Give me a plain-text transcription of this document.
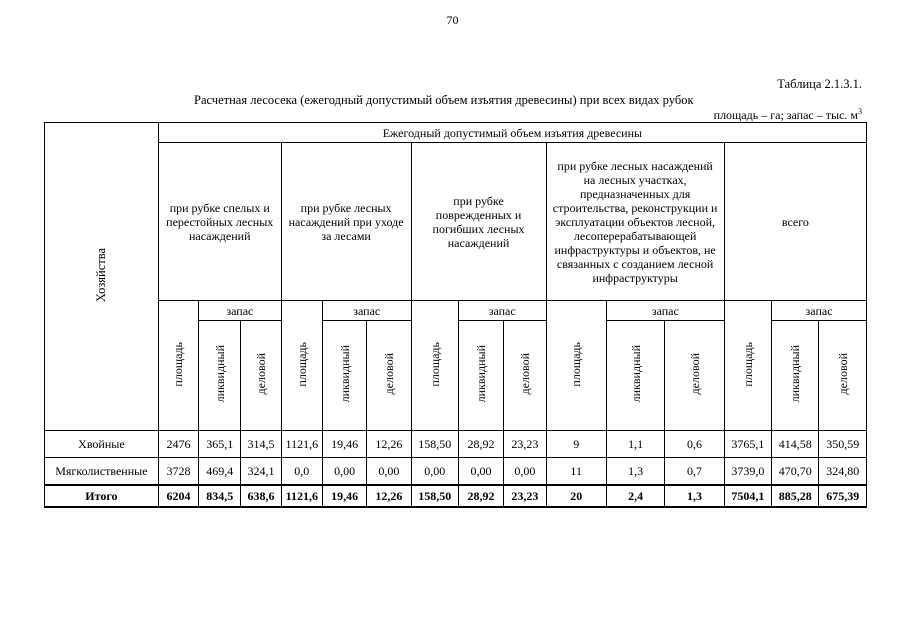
70
Таблица 2.1.3.1.
Расчетная лесосека (ежегодный допустимый объем изъятия древесины) при всех видах рубок
площадь – га; запас – тыс. $м^3$
Хозяйства	Ежегодный допустимый объем изъятия древесины														

	при рубке спелых и перестойных лесных насаждений			при рубке лесных насаждений при уходе за лесами			при рубке поврежденных и погибших лесных насаждений			при рубке лесных насаждений на лесных участках, предназначенных для строительства, реконструкции и эксплуатации объектов лесной, лесоперерабатывающей инфраструктуры и объектов, не связанных с созданием лесной инфраструктуры			всего		

	площадь	запас		площадь	запас		площадь	запас		площадь	запас		площадь	запас	
		ликвидный	деловой		ликвидный	деловой		ликвидный	деловой		ликвидный	деловой		ликвидный	деловой
Хвойные	2476	365,1	314,5	1121,6	19,46	12,26	158,50	28,92	23,23	9	1,1	0,6	3765,1	414,58	350,59
Мягколиственные	3728	469,4	324,1	0,0	0,00	0,00	0,00	0,00	0,00	11	1,3	0,7	3739,0	470,70	324,80
Итого	6204	834,5	638,6	1121,6	19,46	12,26	158,50	28,92	23,23	20	2,4	1,3	7504,1	885,28	675,39
